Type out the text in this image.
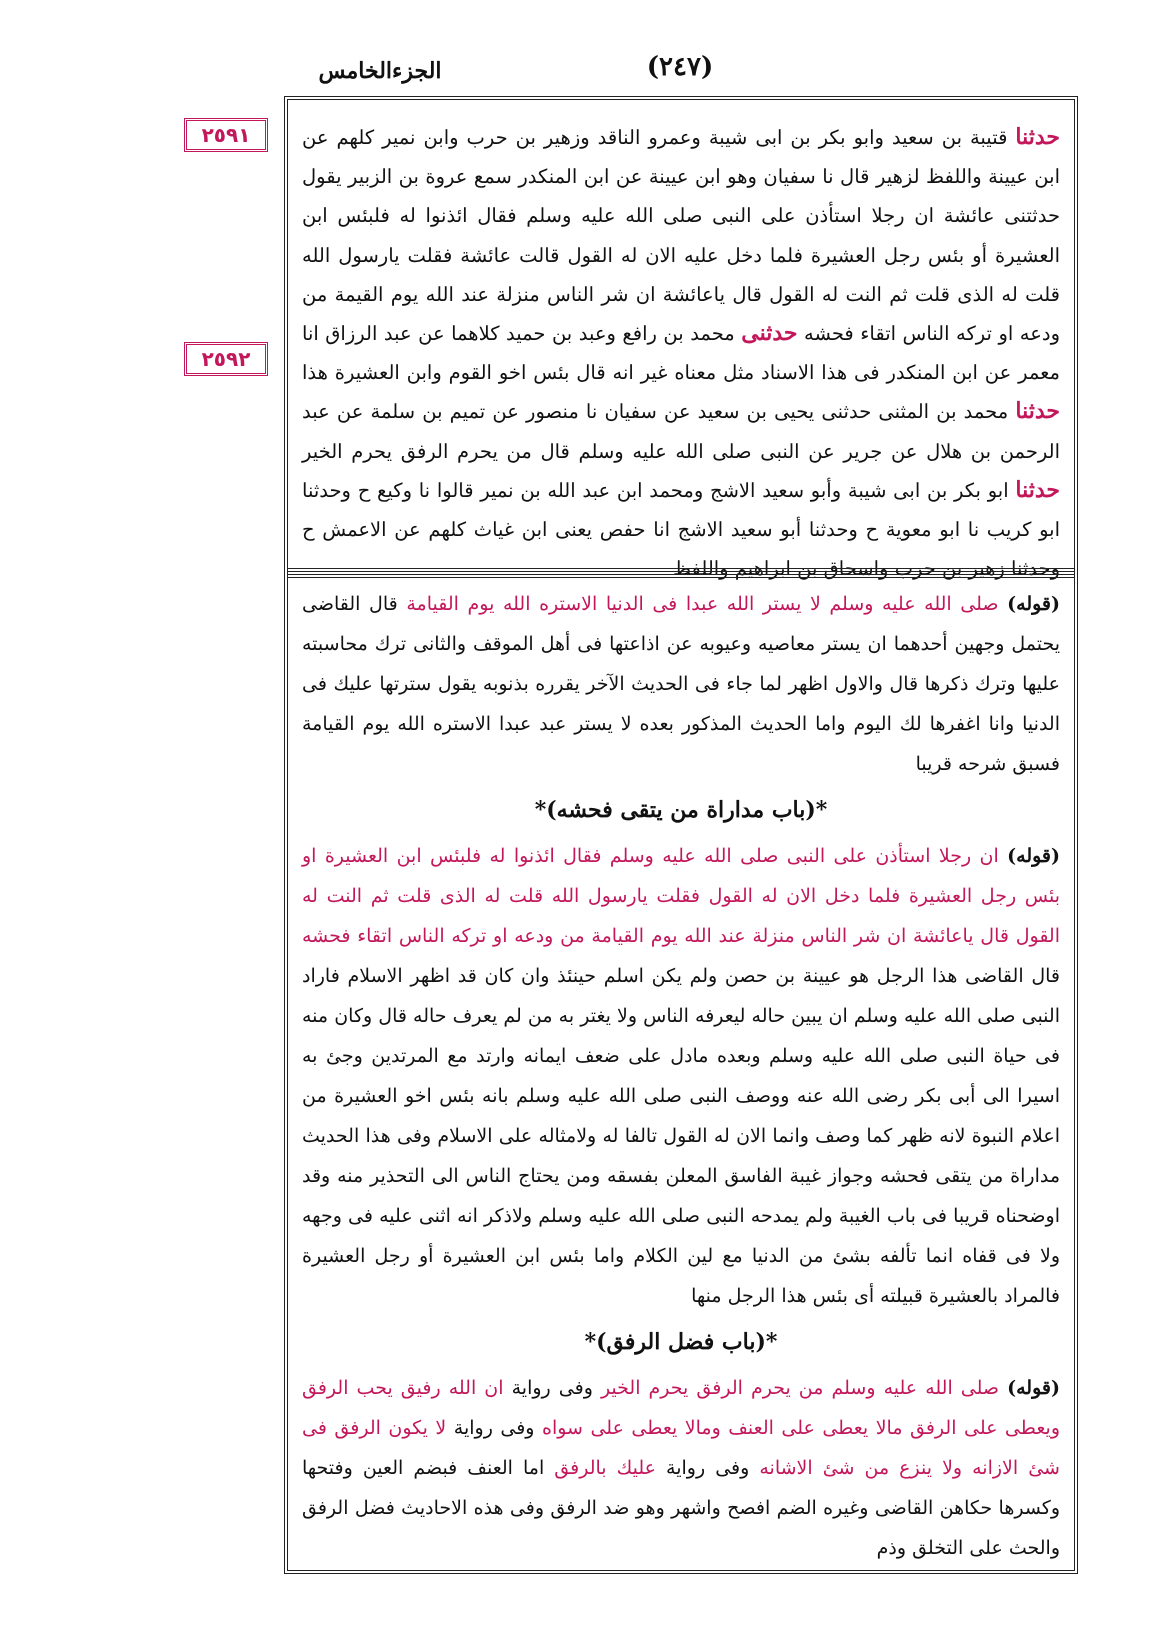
الجزءالخامس	(٢٤٧)
٢٥٩١
٢٥٩٢

حدثنا قتيبة بن سعيد وابو بكر بن ابى شيبة وعمرو الناقد وزهير بن حرب وابن نمير كلهم عن ابن عيينة واللفظ لزهير قال نا سفيان وهو ابن عيينة عن ابن المنكدر سمع عروة بن الزبير يقول حدثتنى عائشة ان رجلا استأذن على النبى صلى الله عليه وسلم فقال ائذنوا له فلبئس ابن العشيرة أو بئس رجل العشيرة فلما دخل عليه الان له القول قالت عائشة فقلت يارسول الله قلت له الذى قلت ثم النت له القول قال ياعائشة ان شر الناس منزلة عند الله يوم القيمة من ودعه او تركه الناس اتقاء فحشه حدثنى محمد بن رافع وعبد بن حميد كلاهما عن عبد الرزاق انا معمر عن ابن المنكدر فى هذا الاسناد مثل معناه غير انه قال بئس اخو القوم وابن العشيرة هذا حدثنا محمد بن المثنى حدثنى يحيى بن سعيد عن سفيان نا منصور عن تميم بن سلمة عن عبد الرحمن بن هلال عن جرير عن النبى صلى الله عليه وسلم قال من يحرم الرفق يحرم الخير حدثنا ابو بكر بن ابى شيبة وأبو سعيد الاشج ومحمد ابن عبد الله بن نمير قالوا نا وكيع ح وحدثنا ابو كريب نا ابو معوية ح وحدثنا أبو سعيد الاشج انا حفص يعنى ابن غياث كلهم عن الاعمش ح وحدثنا زهير بن حرب واسحاق بن ابراهيم واللفظ

(قوله) صلى الله عليه وسلم لا يستر الله عبدا فى الدنيا الاستره الله يوم القيامة قال القاضى يحتمل وجهين أحدهما ان يستر معاصيه وعيوبه عن اذاعتها فى أهل الموقف والثانى ترك محاسبته عليها وترك ذكرها قال والاول اظهر لما جاء فى الحديث الآخر يقرره بذنوبه يقول سترتها عليك فى الدنيا وانا اغفرها لك اليوم واما الحديث المذكور بعده لا يستر عبد عبدا الاستره الله يوم القيامة فسبق شرحه قريبا

*(باب مداراة من يتقى فحشه)*

(قوله) ان رجلا استأذن على النبى صلى الله عليه وسلم فقال ائذنوا له فلبئس ابن العشيرة او بئس رجل العشيرة فلما دخل الان له القول فقلت يارسول الله قلت له الذى قلت ثم النت له القول قال ياعائشة ان شر الناس منزلة عند الله يوم القيامة من ودعه او تركه الناس اتقاء فحشه قال القاضى هذا الرجل هو عيينة بن حصن ولم يكن اسلم حينئذ وان كان قد اظهر الاسلام فاراد النبى صلى الله عليه وسلم ان يبين حاله ليعرفه الناس ولا يغتر به من لم يعرف حاله قال وكان منه فى حياة النبى صلى الله عليه وسلم وبعده مادل على ضعف ايمانه وارتد مع المرتدين وجئ به اسيرا الى أبى بكر رضى الله عنه ووصف النبى صلى الله عليه وسلم بانه بئس اخو العشيرة من اعلام النبوة لانه ظهر كما وصف وانما الان له القول تالفا له ولامثاله على الاسلام وفى هذا الحديث مداراة من يتقى فحشه وجواز غيبة الفاسق المعلن بفسقه ومن يحتاج الناس الى التحذير منه وقد اوضحناه قريبا فى باب الغيبة ولم يمدحه النبى صلى الله عليه وسلم ولاذكر انه اثنى عليه فى وجهه ولا فى قفاه انما تألفه بشئ من الدنيا مع لين الكلام واما بئس ابن العشيرة أو رجل العشيرة فالمراد بالعشيرة قبيلته أى بئس هذا الرجل منها

*(باب فضل الرفق)*

(قوله) صلى الله عليه وسلم من يحرم الرفق يحرم الخير وفى رواية ان الله رفيق يحب الرفق ويعطى على الرفق مالا يعطى على العنف ومالا يعطى على سواه وفى رواية لا يكون الرفق فى شئ الازانه ولا ينزع من شئ الاشانه وفى رواية عليك بالرفق اما العنف فبضم العين وفتحها وكسرها حكاهن القاضى وغيره الضم افصح واشهر وهو ضد الرفق وفى هذه الاحاديث فضل الرفق والحث على التخلق وذم
